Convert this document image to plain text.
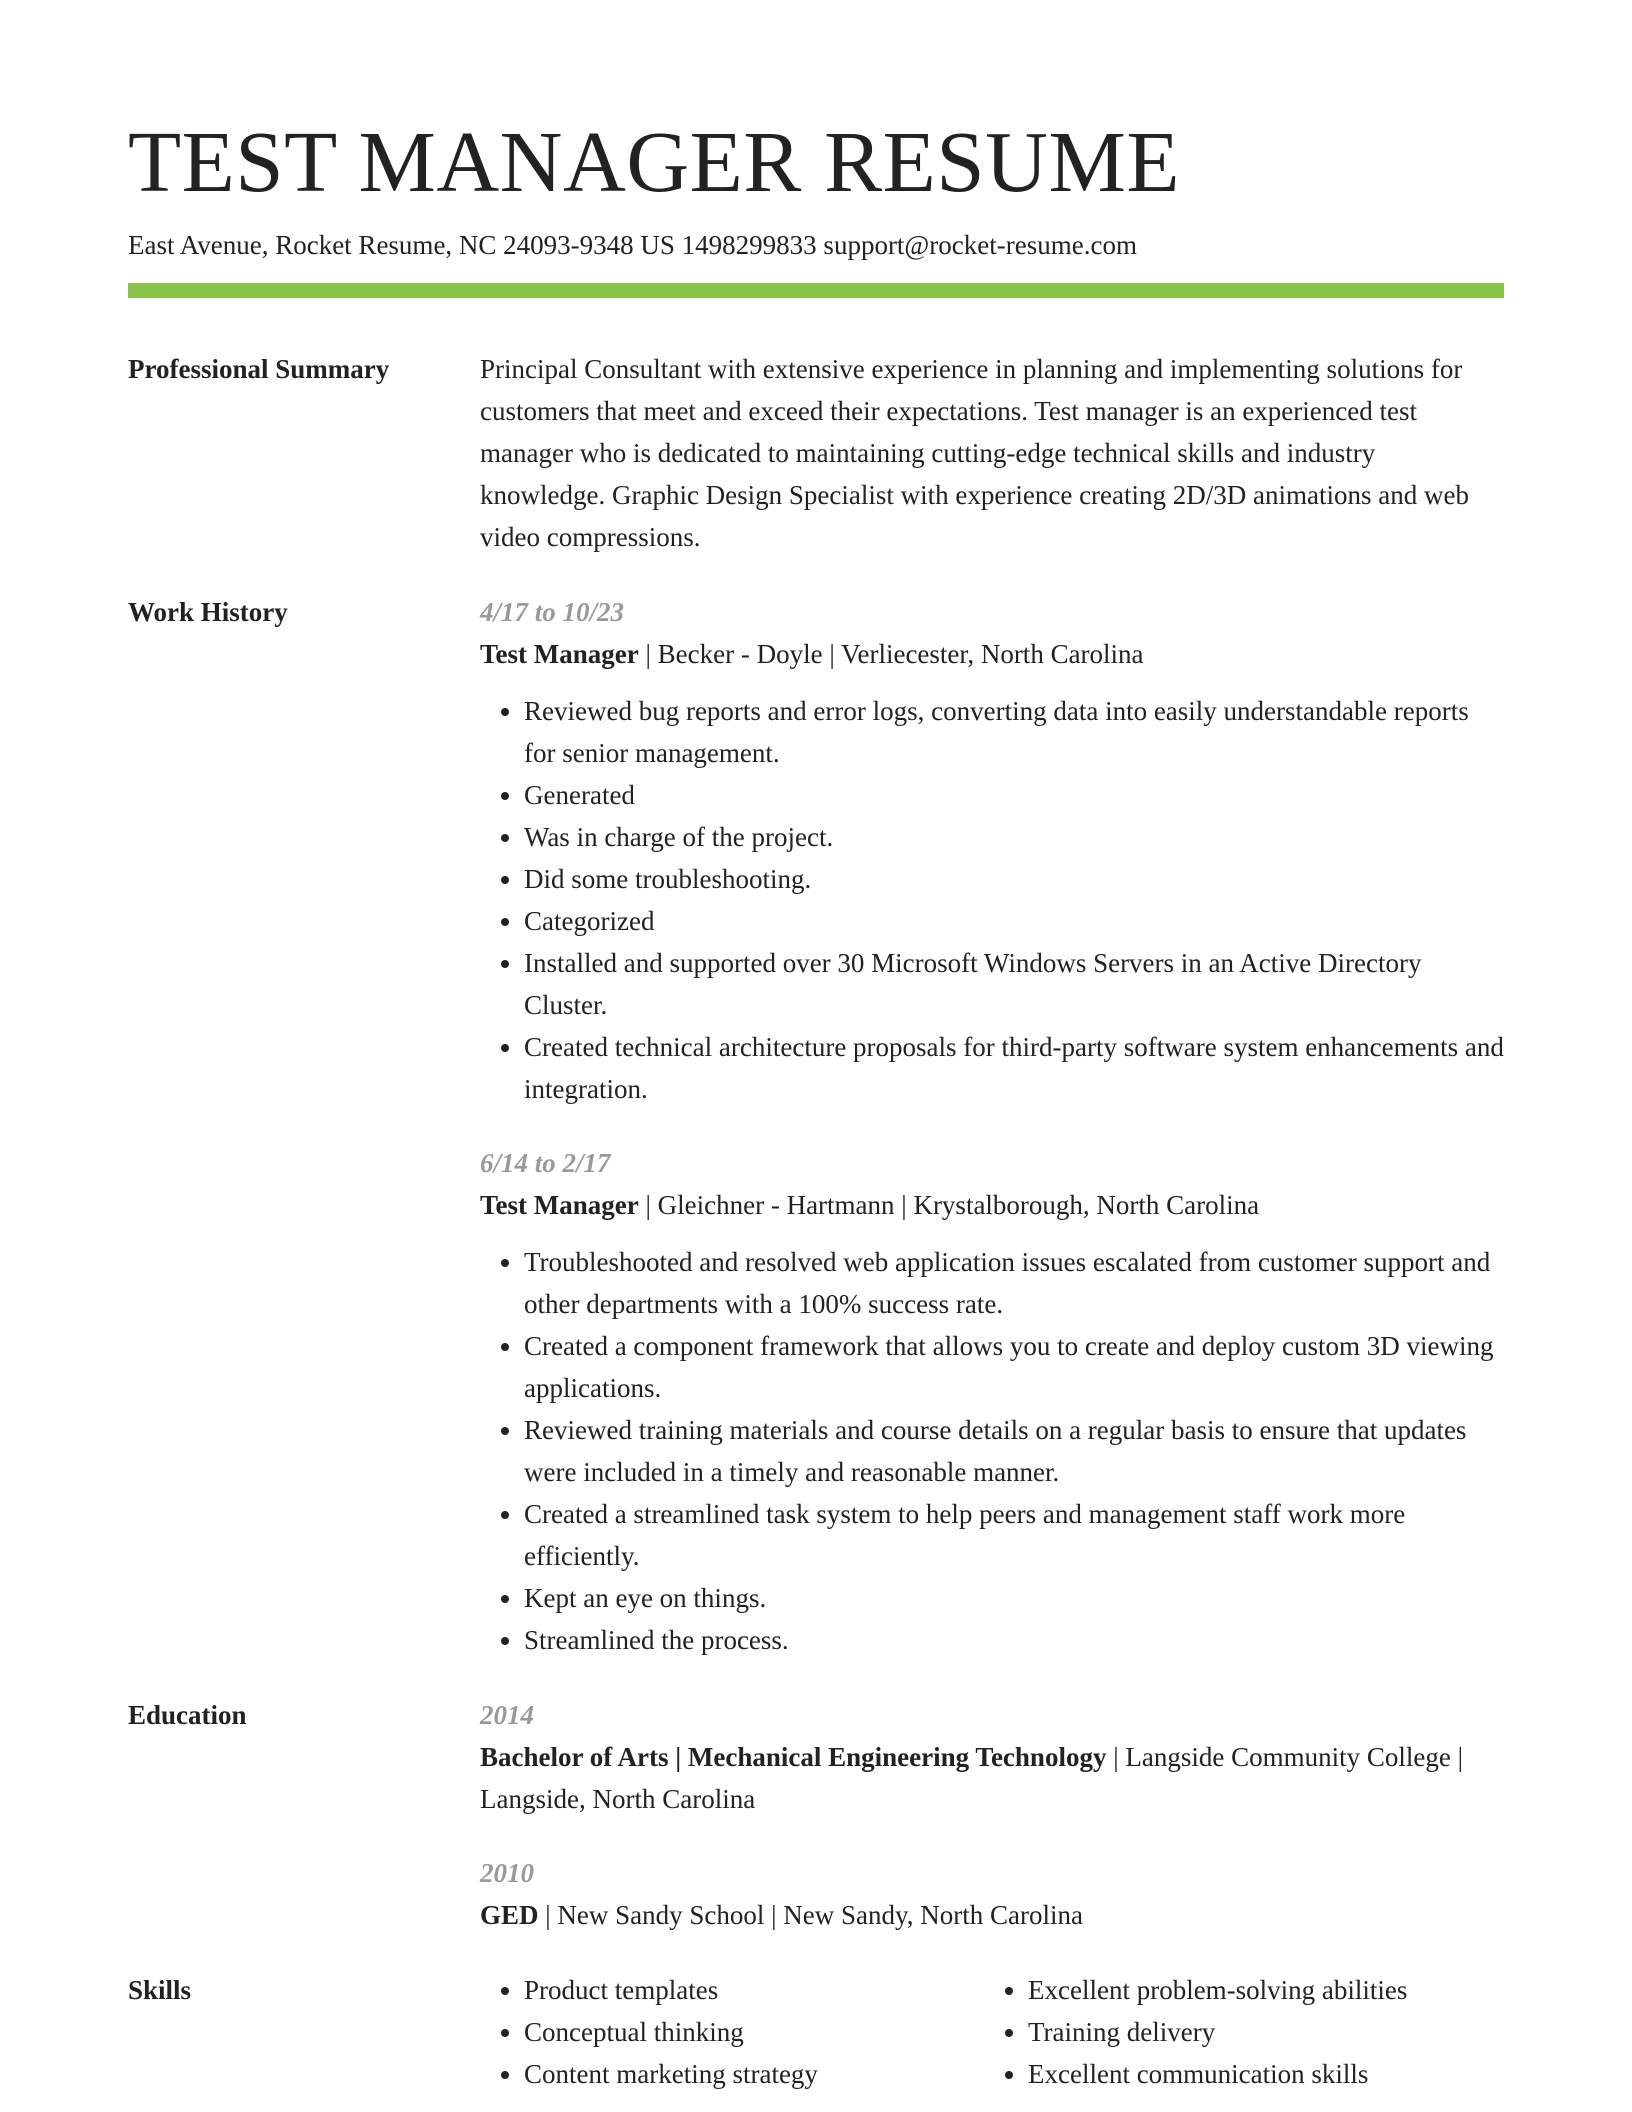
TEST MANAGER RESUME
East Avenue, Rocket Resume, NC 24093-9348 US 1498299833 support@rocket-resume.com
Professional Summary	Principal Consultant with extensive experience in planning and implementing solutions for customers that meet and exceed their expectations. Test manager is an experienced test manager who is dedicated to maintaining cutting-edge technical skills and industry knowledge. Graphic Design Specialist with experience creating 2D/3D animations and web video compressions.
Work History	4/17 to 10/23
Test Manager | Becker - Doyle | Verliecester, North Carolina
• Reviewed bug reports and error logs, converting data into easily understandable reports for senior management.
• Generated
• Was in charge of the project.
• Did some troubleshooting.
• Categorized
• Installed and supported over 30 Microsoft Windows Servers in an Active Directory Cluster.
• Created technical architecture proposals for third-party software system enhancements and integration.
6/14 to 2/17
Test Manager | Gleichner - Hartmann | Krystalborough, North Carolina
• Troubleshooted and resolved web application issues escalated from customer support and other departments with a 100% success rate.
• Created a component framework that allows you to create and deploy custom 3D viewing applications.
• Reviewed training materials and course details on a regular basis to ensure that updates were included in a timely and reasonable manner.
• Created a streamlined task system to help peers and management staff work more efficiently.
• Kept an eye on things.
• Streamlined the process.
Education	2014
Bachelor of Arts | Mechanical Engineering Technology | Langside Community College | Langside, North Carolina
2010
GED | New Sandy School | New Sandy, North Carolina
Skills
•	Product templates
• Conceptual thinking
• Content marketing strategy
• Excellent problem-solving abilities
• Training delivery
• Excellent communication skills
